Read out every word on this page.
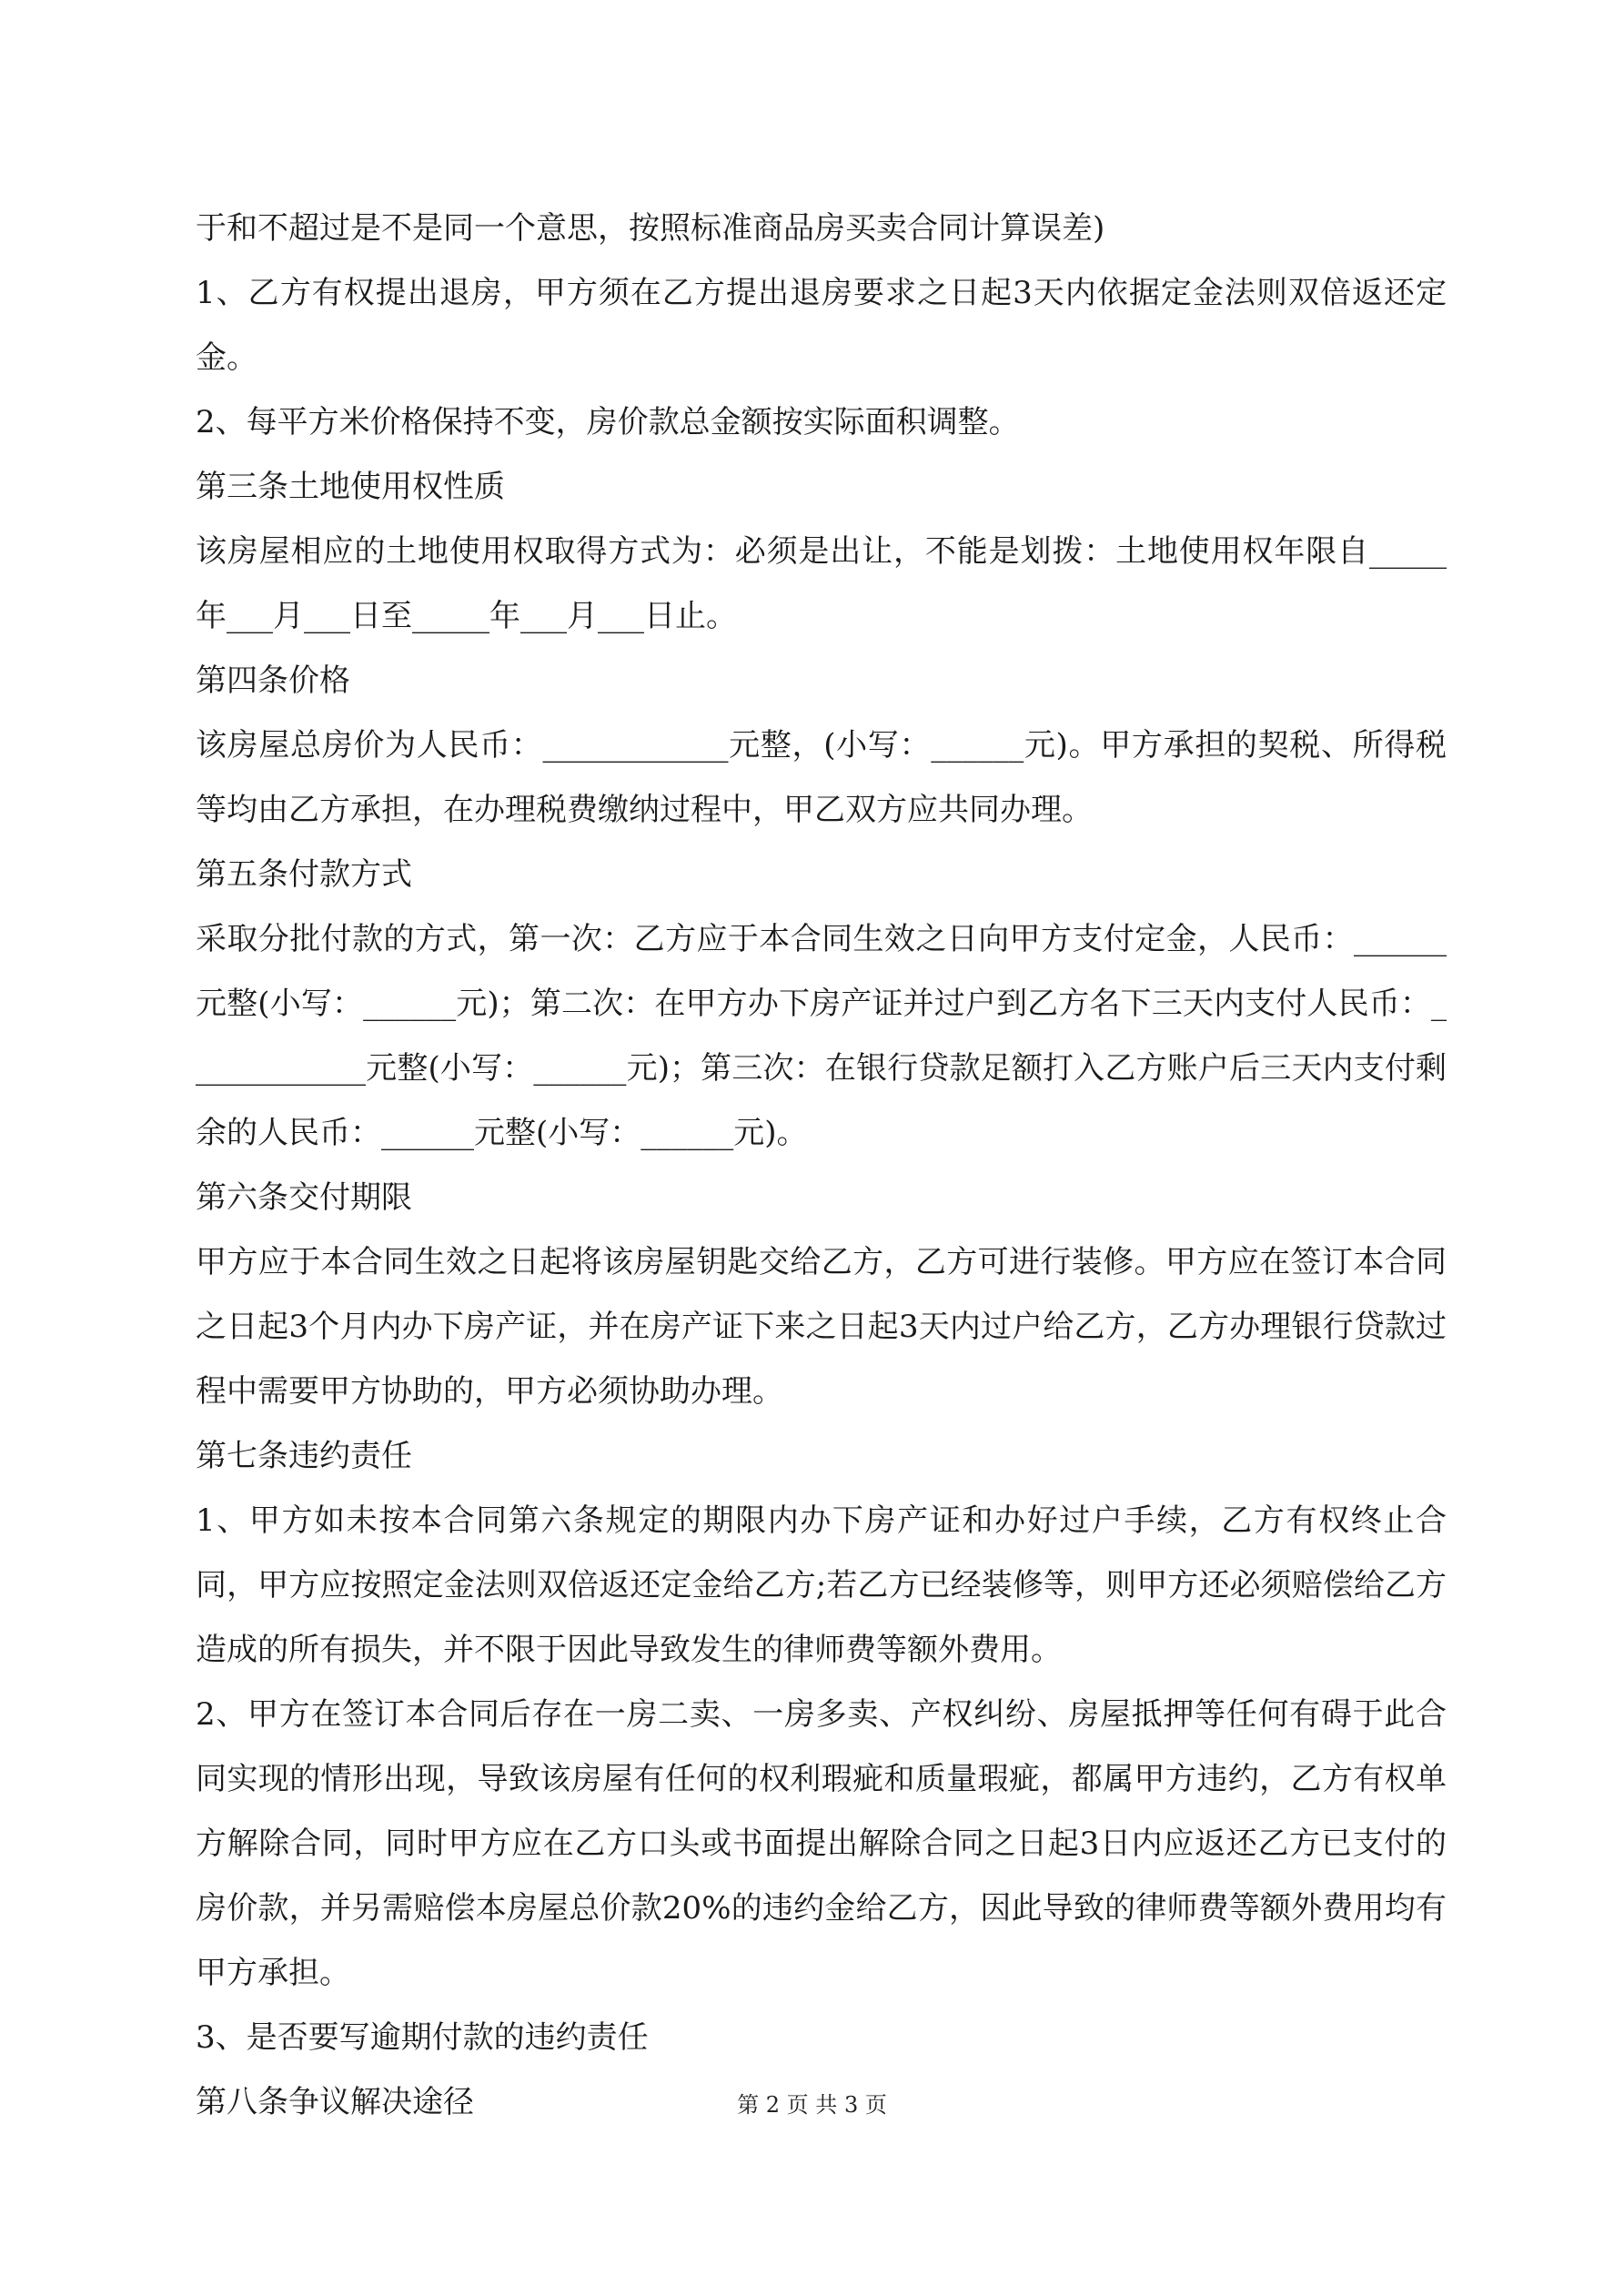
于和不超过是不是同一个意思，按照标准商品房买卖合同计算误差)

1、乙方有权提出退房，甲方须在乙方提出退房要求之日起3天内依据定金法则双倍返还定金。

2、每平方米价格保持不变，房价款总金额按实际面积调整。

第三条土地使用权性质

该房屋相应的土地使用权取得方式为：必须是出让，不能是划拨：土地使用权年限自_____年___月___日至_____年___月___日止。

第四条价格

该房屋总房价为人民币：____________元整，(小写：______元)。甲方承担的契税、所得税等均由乙方承担，在办理税费缴纳过程中，甲乙双方应共同办理。

第五条付款方式

采取分批付款的方式，第一次：乙方应于本合同生效之日向甲方支付定金，人民币：______元整(小写：______元)；第二次：在甲方办下房产证并过户到乙方名下三天内支付人民币：____________元整(小写：______元)；第三次：在银行贷款足额打入乙方账户后三天内支付剩余的人民币：______元整(小写：______元)。

第六条交付期限

甲方应于本合同生效之日起将该房屋钥匙交给乙方，乙方可进行装修。甲方应在签订本合同之日起3个月内办下房产证，并在房产证下来之日起3天内过户给乙方，乙方办理银行贷款过程中需要甲方协助的，甲方必须协助办理。

第七条违约责任

1、甲方如未按本合同第六条规定的期限内办下房产证和办好过户手续，乙方有权终止合同，甲方应按照定金法则双倍返还定金给乙方;若乙方已经装修等，则甲方还必须赔偿给乙方造成的所有损失，并不限于因此导致发生的律师费等额外费用。

2、甲方在签订本合同后存在一房二卖、一房多卖、产权纠纷、房屋抵押等任何有碍于此合同实现的情形出现，导致该房屋有任何的权利瑕疵和质量瑕疵，都属甲方违约，乙方有权单方解除合同，同时甲方应在乙方口头或书面提出解除合同之日起3日内应返还乙方已支付的房价款，并另需赔偿本房屋总价款20%的违约金给乙方，因此导致的律师费等额外费用均有甲方承担。

3、是否要写逾期付款的违约责任

第八条争议解决途径	第 2 页 共 3 页
